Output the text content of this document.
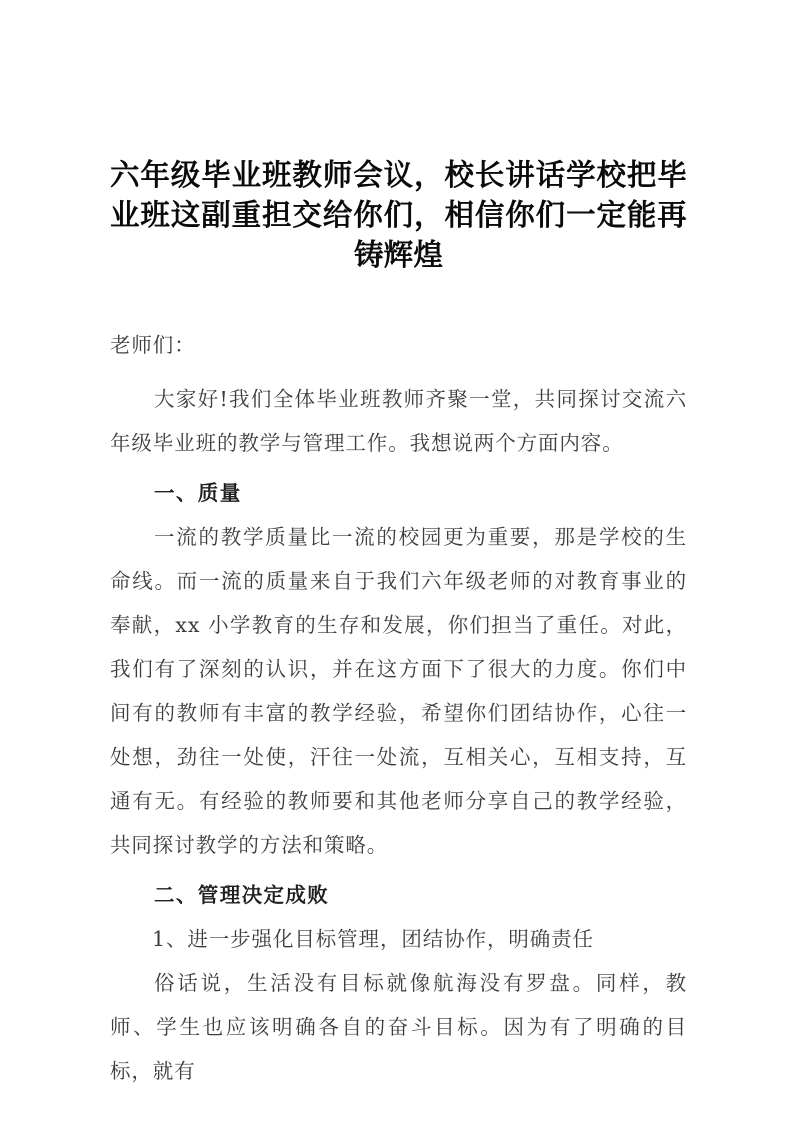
六年级毕业班教师会议，校长讲话学校把毕业班这副重担交给你们，相信你们一定能再铸辉煌

老师们：

大家好!我们全体毕业班教师齐聚一堂，共同探讨交流六年级毕业班的教学与管理工作。我想说两个方面内容。

一、质量

一流的教学质量比一流的校园更为重要，那是学校的生命线。而一流的质量来自于我们六年级老师的对教育事业的奉献，xx 小学教育的生存和发展，你们担当了重任。对此，我们有了深刻的认识，并在这方面下了很大的力度。你们中间有的教师有丰富的教学经验，希望你们团结协作，心往一处想，劲往一处使，汗往一处流，互相关心，互相支持，互通有无。有经验的教师要和其他老师分享自己的教学经验，共同探讨教学的方法和策略。

二、管理决定成败

1、进一步强化目标管理，团结协作，明确责任

俗话说，生活没有目标就像航海没有罗盘。同样，教师、学生也应该明确各自的奋斗目标。因为有了明确的目标，就有
